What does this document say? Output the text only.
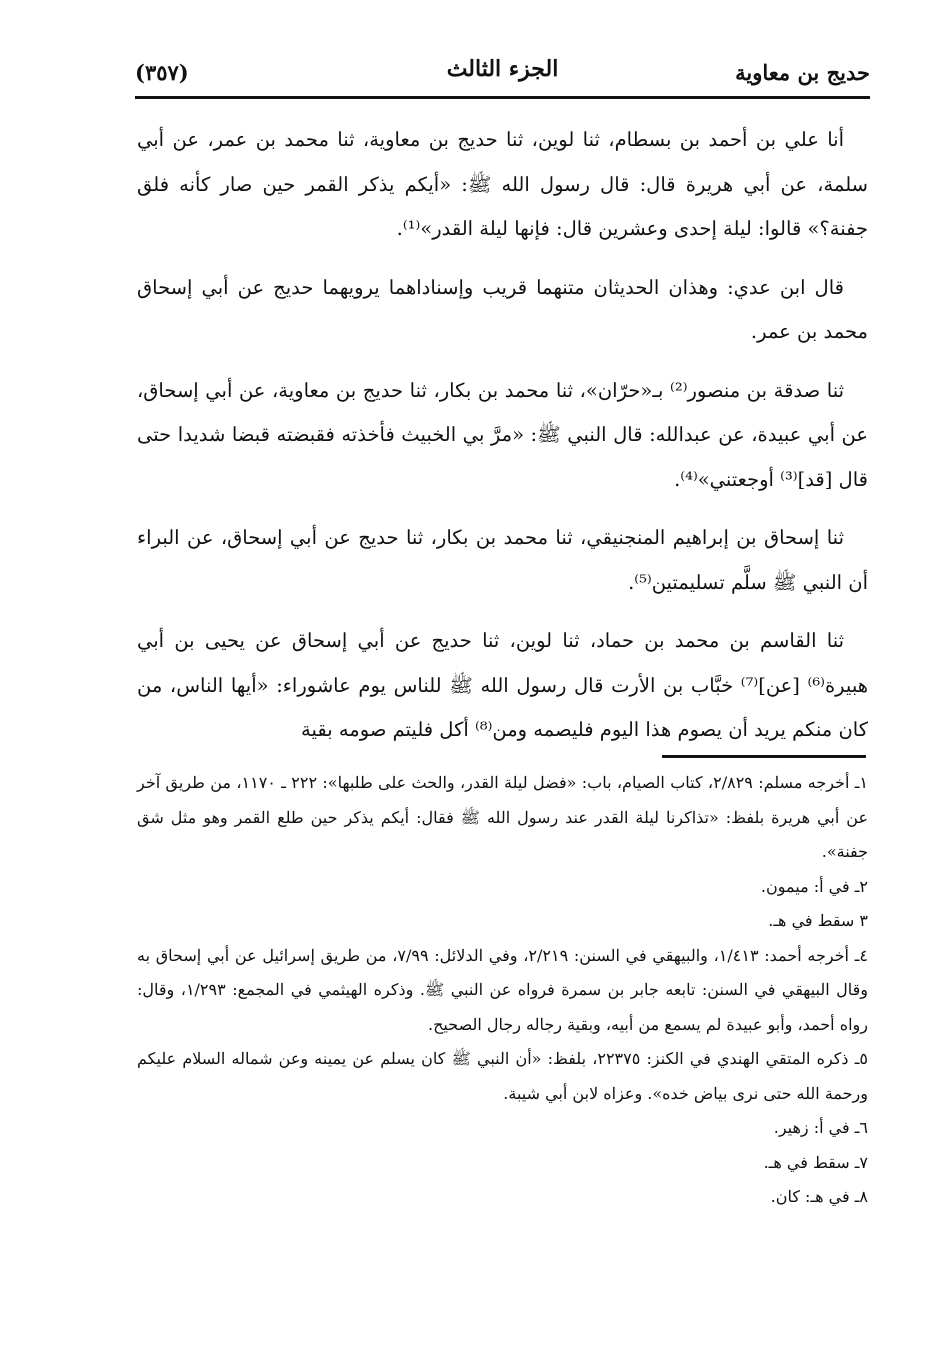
حديج بن معاوية
الجزء الثالث
(٣٥٧)

أنا علي بن أحمد بن بسطام، ثنا لوين، ثنا حديج بن معاوية، ثنا محمد بن عمر، عن أبي سلمة، عن أبي هريرة قال: قال رسول الله ﷺ: «أيكم يذكر القمر حين صار كأنه فلق جفنة؟» قالوا: ليلة إحدى وعشرين قال: فإنها ليلة القدر»⁽¹⁾.

قال ابن عدي: وهذان الحديثان متنهما قريب وإسناداهما يرويهما حديج عن أبي إسحاق محمد بن عمر.

ثنا صدقة بن منصور⁽²⁾ بـ«حرّان»، ثنا محمد بن بكار، ثنا حديج بن معاوية، عن أبي إسحاق، عن أبي عبيدة، عن عبدالله: قال النبي ﷺ: «مرَّ بي الخبيث فأخذته فقبضته قبضا شديدا حتى قال [قد]⁽³⁾ أوجعتني»⁽⁴⁾.

ثنا إسحاق بن إبراهيم المنجنيقي، ثنا محمد بن بكار، ثنا حديج عن أبي إسحاق، عن البراء أن النبي ﷺ سلَّم تسليمتين⁽⁵⁾.

ثنا القاسم بن محمد بن حماد، ثنا لوين، ثنا حديج عن أبي إسحاق عن يحيى بن أبي هبيرة⁽⁶⁾ [عن]⁽⁷⁾ خبَّاب بن الأرت قال رسول الله ﷺ للناس يوم عاشوراء: «أيها الناس، من كان منكم يريد أن يصوم هذا اليوم فليصمه ومن⁽⁸⁾ أكل فليتم صومه بقية

١ـ أخرجه مسلم: ٢/٨٢٩، كتاب الصيام، باب: «فضل ليلة القدر، والحث على طلبها»: ٢٢٢ ـ ١١٧٠، من طريق آخر عن أبي هريرة بلفظ: «تذاكرنا ليلة القدر عند رسول الله ﷺ فقال: أيكم يذكر حين طلع القمر وهو مثل شق جفنة».

٢ـ في أ: ميمون.

٣ سقط في هـ.

٤ـ أخرجه أحمد: ١/٤١٣، والبيهقي في السنن: ٢/٢١٩، وفي الدلائل: ٧/٩٩، من طريق إسرائيل عن أبي إسحاق به وقال البيهقي في السنن: تابعه جابر بن سمرة فرواه عن النبي ﷺ. وذكره الهيثمي في المجمع: ١/٢٩٣، وقال: رواه أحمد، وأبو عبيدة لم يسمع من أبيه، وبقية رجاله رجال الصحيح.

٥ـ ذكره المتقي الهندي في الكنز: ٢٢٣٧٥، بلفظ: «أن النبي ﷺ كان يسلم عن يمينه وعن شماله السلام عليكم ورحمة الله حتى نرى بياض خده». وعزاه لابن أبي شيبة.

٦ـ في أ: زهير.

٧ـ سقط في هـ.

٨ـ في هـ: كان.
